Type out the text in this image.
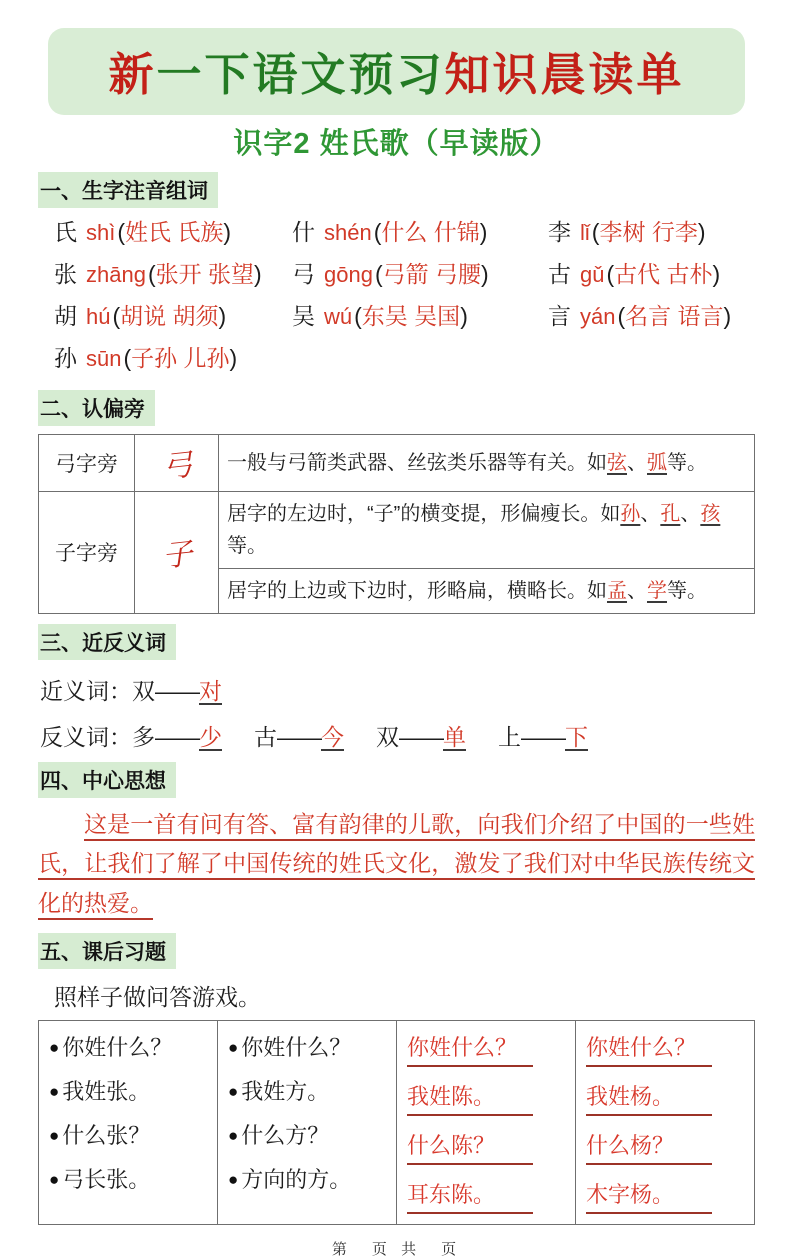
新一下语文预习知识晨读单
识字2 姓氏歌（早读版）
一、生字注音组词
氏 shì(姓氏 氏族)	什 shén(什么 什锦)	李 lǐ(李树 行李)
张 zhāng(张开 张望)	弓 gōng(弓箭 弓腰)	古 gǔ(古代 古朴)
胡 hú(胡说 胡须)	吴 wú(东吴 吴国)	言 yán(名言 语言)
孙 sūn(子孙 儿孙)
二、认偏旁
弓字旁	弓	一般与弓箭类武器、丝弦类乐器等有关。如弦、弧等。
子字旁	子	居字的左边时，“子”的横变提，形偏瘦长。如孙、孔、孩等。
		居字的上边或下边时，形略扁，横略长。如孟、学等。
三、近反义词
近义词：双——对
反义词：多——少 古——今 双——单 上——下
四、中心思想

这是一首有问有答、富有韵律的儿歌，向我们介绍了中国的一些姓氏，让我们了解了中国传统的姓氏文化，激发了我们对中华民族传统文化的热爱。

五、课后习题
照样子做问答游戏。
● 你姓什么？
● 我姓张。
● 什么张？
● 弓长张。

● 你姓什么？
● 我姓方。
● 什么方？
● 方向的方。

你姓什么？
我姓陈。
什么陈？
耳东陈。

你姓什么？
我姓杨。
什么杨？
木字杨。
第　页 共　页
